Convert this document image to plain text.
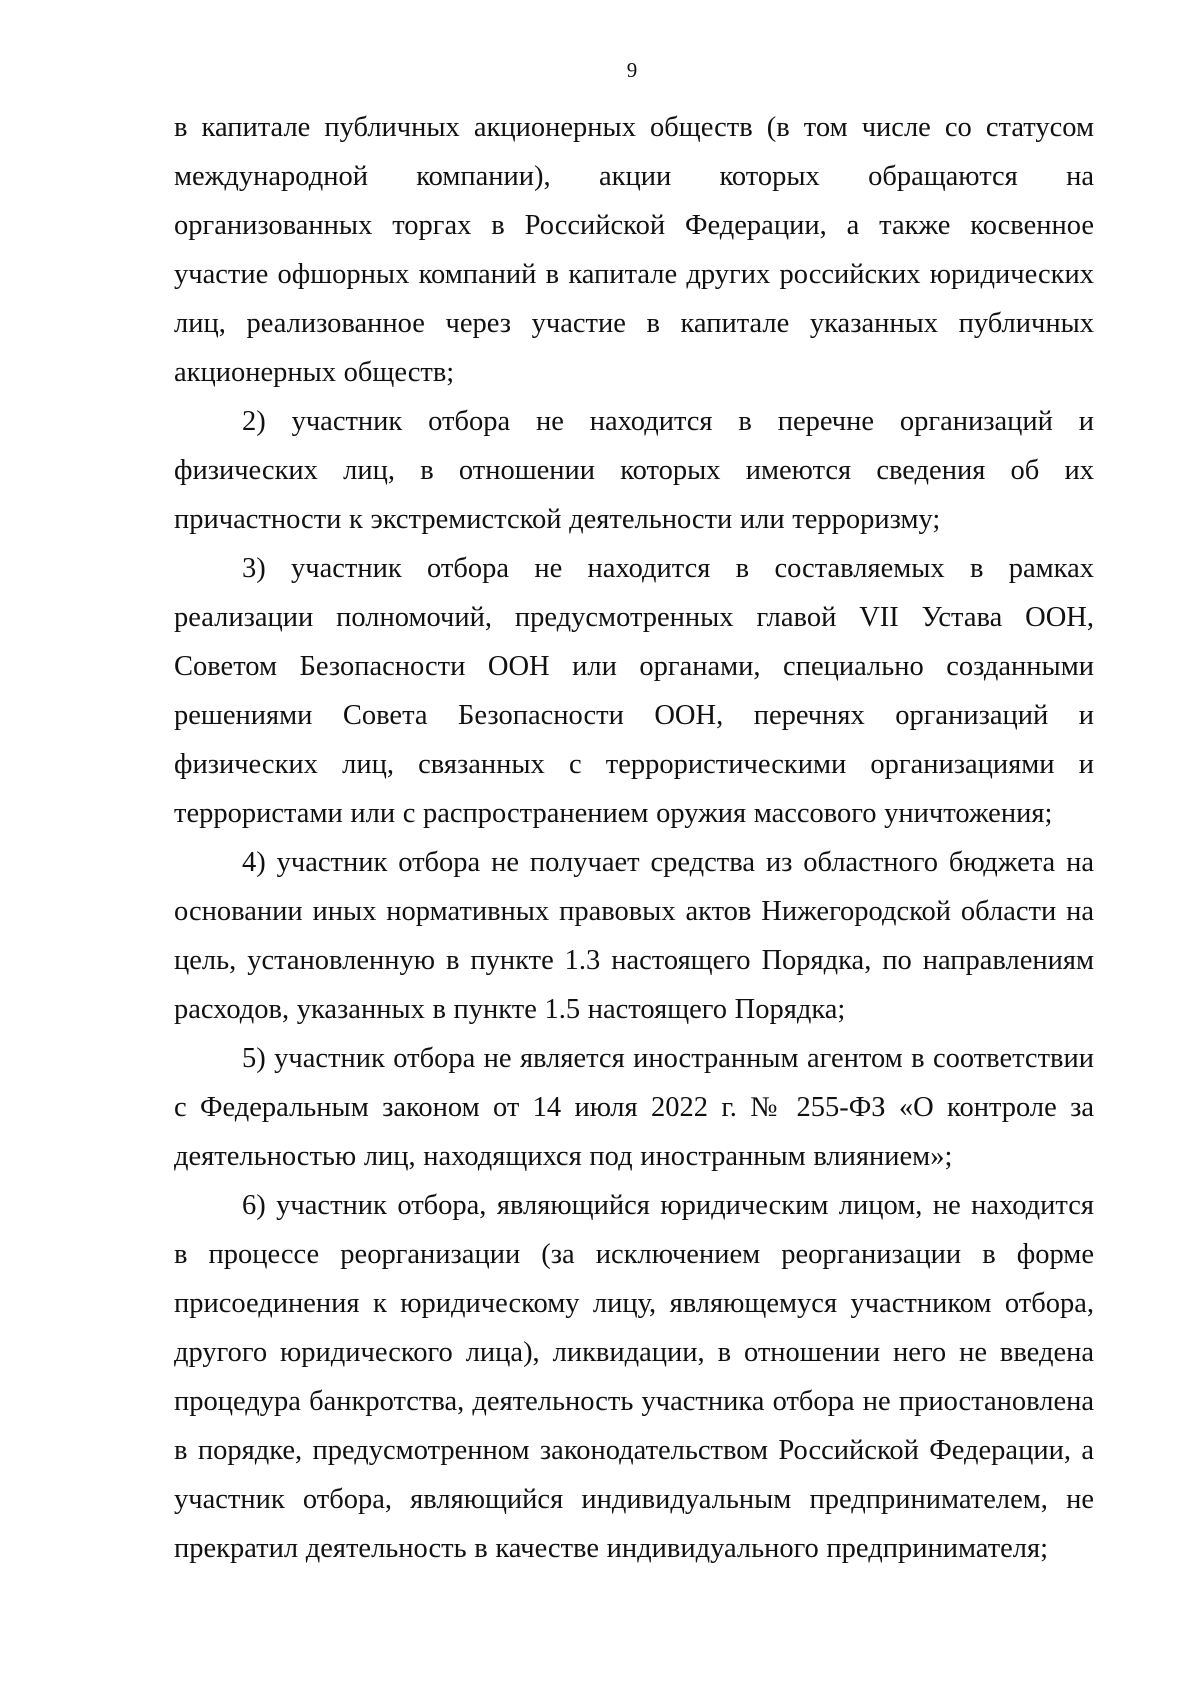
9

в капитале публичных акционерных обществ (в том числе со статусом международной компании), акции которых обращаются на организованных торгах в Российской Федерации, а также косвенное участие офшорных компаний в капитале других российских юридических лиц, реализованное через участие в капитале указанных публичных акционерных обществ;

2) участник отбора не находится в перечне организаций и физических лиц, в отношении которых имеются сведения об их причастности к экстремистской деятельности или терроризму;

3) участник отбора не находится в составляемых в рамках реализации полномочий, предусмотренных главой VII Устава ООН, Советом Безопасности ООН или органами, специально созданными решениями Совета Безопасности ООН, перечнях организаций и физических лиц, связанных с террористическими организациями и террористами или с распространением оружия массового уничтожения;

4) участник отбора не получает средства из областного бюджета на основании иных нормативных правовых актов Нижегородской области на цель, установленную в пункте 1.3 настоящего Порядка, по направлениям расходов, указанных в пункте 1.5 настоящего Порядка;

5) участник отбора не является иностранным агентом в соответствии с Федеральным законом от 14 июля 2022 г. № 255-ФЗ «О контроле за деятельностью лиц, находящихся под иностранным влиянием»;

6) участник отбора, являющийся юридическим лицом, не находится в процессе реорганизации (за исключением реорганизации в форме присоединения к юридическому лицу, являющемуся участником отбора, другого юридического лица), ликвидации, в отношении него не введена процедура банкротства, деятельность участника отбора не приостановлена в порядке, предусмотренном законодательством Российской Федерации, а участник отбора, являющийся индивидуальным предпринимателем, не прекратил деятельность в качестве индивидуального предпринимателя;
